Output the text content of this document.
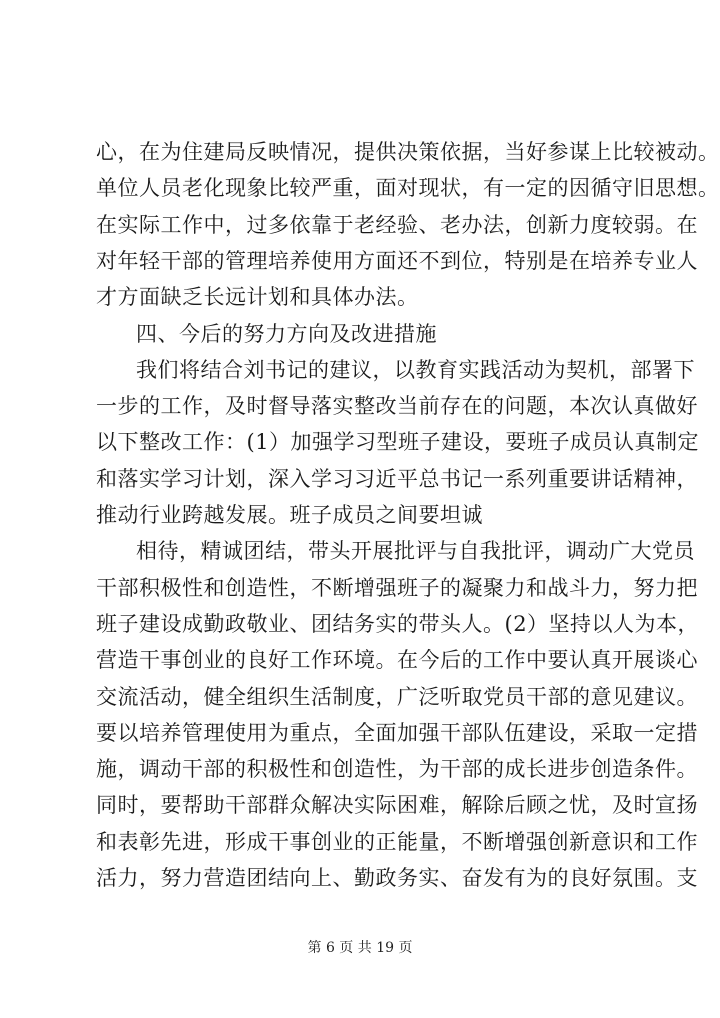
心，在为住建局反映情况，提供决策依据，当好参谋上比较被动。
单位人员老化现象比较严重，面对现状，有一定的因循守旧思想。
在实际工作中，过多依靠于老经验、老办法，创新力度较弱。在
对年轻干部的管理培养使用方面还不到位，特别是在培养专业人
才方面缺乏长远计划和具体办法。
四、今后的努力方向及改进措施
我们将结合刘书记的建议，以教育实践活动为契机，部署下
一步的工作，及时督导落实整改当前存在的问题，本次认真做好
以下整改工作：(1）加强学习型班子建设，要班子成员认真制定
和落实学习计划，深入学习习近平总书记一系列重要讲话精神，
推动行业跨越发展。班子成员之间要坦诚
相待，精诚团结，带头开展批评与自我批评，调动广大党员
干部积极性和创造性，不断增强班子的凝聚力和战斗力，努力把
班子建设成勤政敬业、团结务实的带头人。(2）坚持以人为本，
营造干事创业的良好工作环境。在今后的工作中要认真开展谈心
交流活动，健全组织生活制度，广泛听取党员干部的意见建议。
要以培养管理使用为重点，全面加强干部队伍建设，采取一定措
施，调动干部的积极性和创造性，为干部的成长进步创造条件。
同时，要帮助干部群众解决实际困难，解除后顾之忧，及时宣扬
和表彰先进，形成干事创业的正能量，不断增强创新意识和工作
活力，努力营造团结向上、勤政务实、奋发有为的良好氛围。支
第 6 页 共 19 页
